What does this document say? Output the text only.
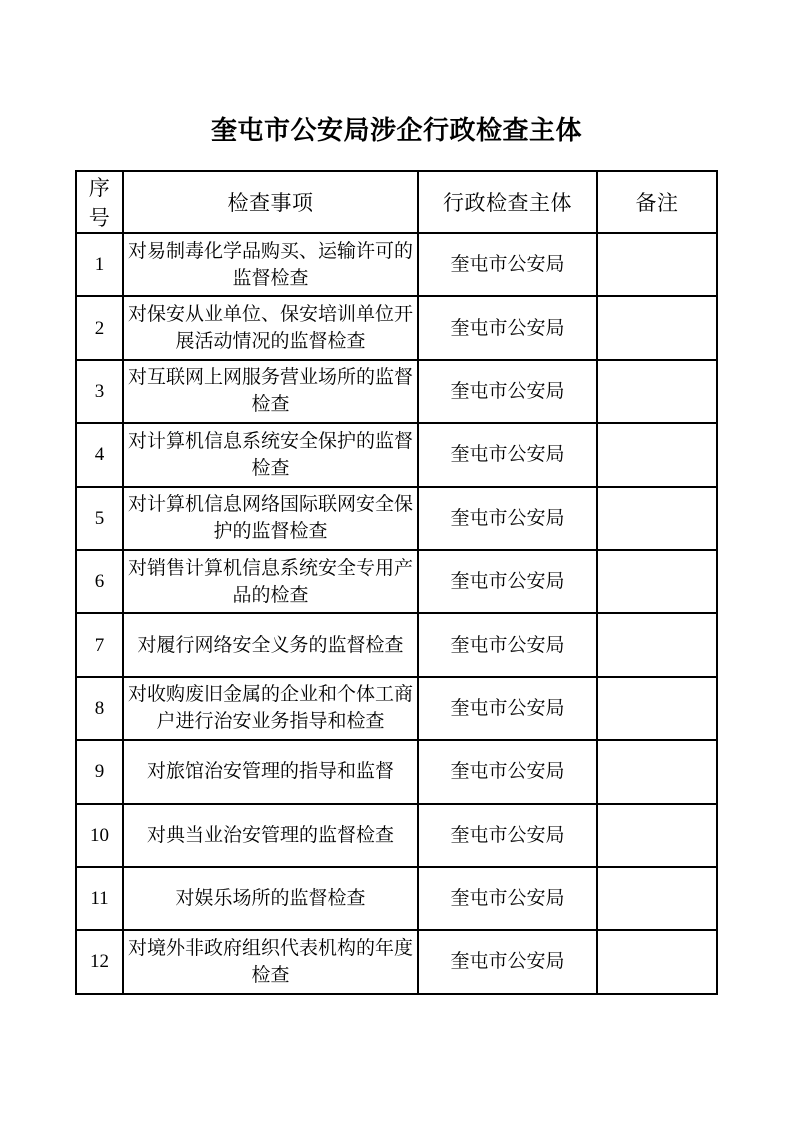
奎屯市公安局涉企行政检查主体
序号	检查事项	行政检查主体	备注
1	对易制毒化学品购买、运输许可的监督检查	奎屯市公安局	
2	对保安从业单位、保安培训单位开展活动情况的监督检查	奎屯市公安局	
3	对互联网上网服务营业场所的监督检查	奎屯市公安局	
4	对计算机信息系统安全保护的监督检查	奎屯市公安局	
5	对计算机信息网络国际联网安全保护的监督检查	奎屯市公安局	
6	对销售计算机信息系统安全专用产品的检查	奎屯市公安局	
7	对履行网络安全义务的监督检查	奎屯市公安局	
8	对收购废旧金属的企业和个体工商户进行治安业务指导和检查	奎屯市公安局	
9	对旅馆治安管理的指导和监督	奎屯市公安局	
10	对典当业治安管理的监督检查	奎屯市公安局	
11	对娱乐场所的监督检查	奎屯市公安局	
12	对境外非政府组织代表机构的年度检查	奎屯市公安局	
